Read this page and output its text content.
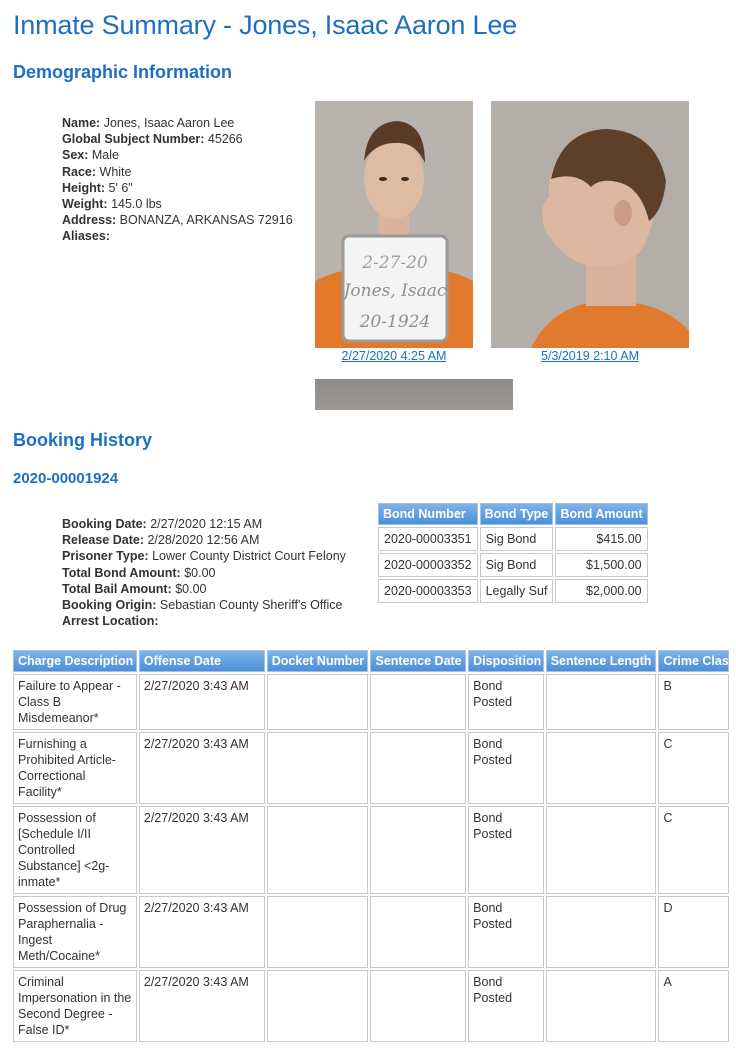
Inmate Summary - Jones, Isaac Aaron Lee
Demographic Information
Name: Jones, Isaac Aaron Lee
Global Subject Number: 45266
Sex: Male
Race: White
Height: 5' 6"
Weight: 145.0 lbs
Address: BONANZA, ARKANSAS 72916
Aliases:
2-27-20
Jones, Isaac
20-1924
2/27/2020 4:25 AM	5/3/2019 2:10 AM
Booking History
2020-00001924
Booking Date: 2/27/2020 12:15 AM
Release Date: 2/28/2020 12:56 AM
Prisoner Type: Lower County District Court Felony
Total Bond Amount: $0.00
Total Bail Amount: $0.00
Booking Origin: Sebastian County Sheriff's Office
Arrest Location:
Bond Number	Bond Type	Bond Amount
2020-00003351	Sig Bond	$415.00
2020-00003352	Sig Bond	$1,500.00
2020-00003353	Legally Suf	$2,000.00
Charge Description	Offense Date	Docket Number	Sentence Date	Disposition	Sentence Length	Crime Class
Failure to Appear - Class B Misdemeanor*	2/27/2020 3:43 AM			Bond Posted		B
Furnishing a Prohibited Article-Correctional Facility*	2/27/2020 3:43 AM			Bond Posted		C
Possession of [Schedule I/II Controlled Substance] <2g-inmate*	2/27/2020 3:43 AM			Bond Posted		C
Possession of Drug Paraphernalia - Ingest Meth/Cocaine*	2/27/2020 3:43 AM			Bond Posted		D
Criminal Impersonation in the Second Degree - False ID*	2/27/2020 3:43 AM			Bond Posted		A
